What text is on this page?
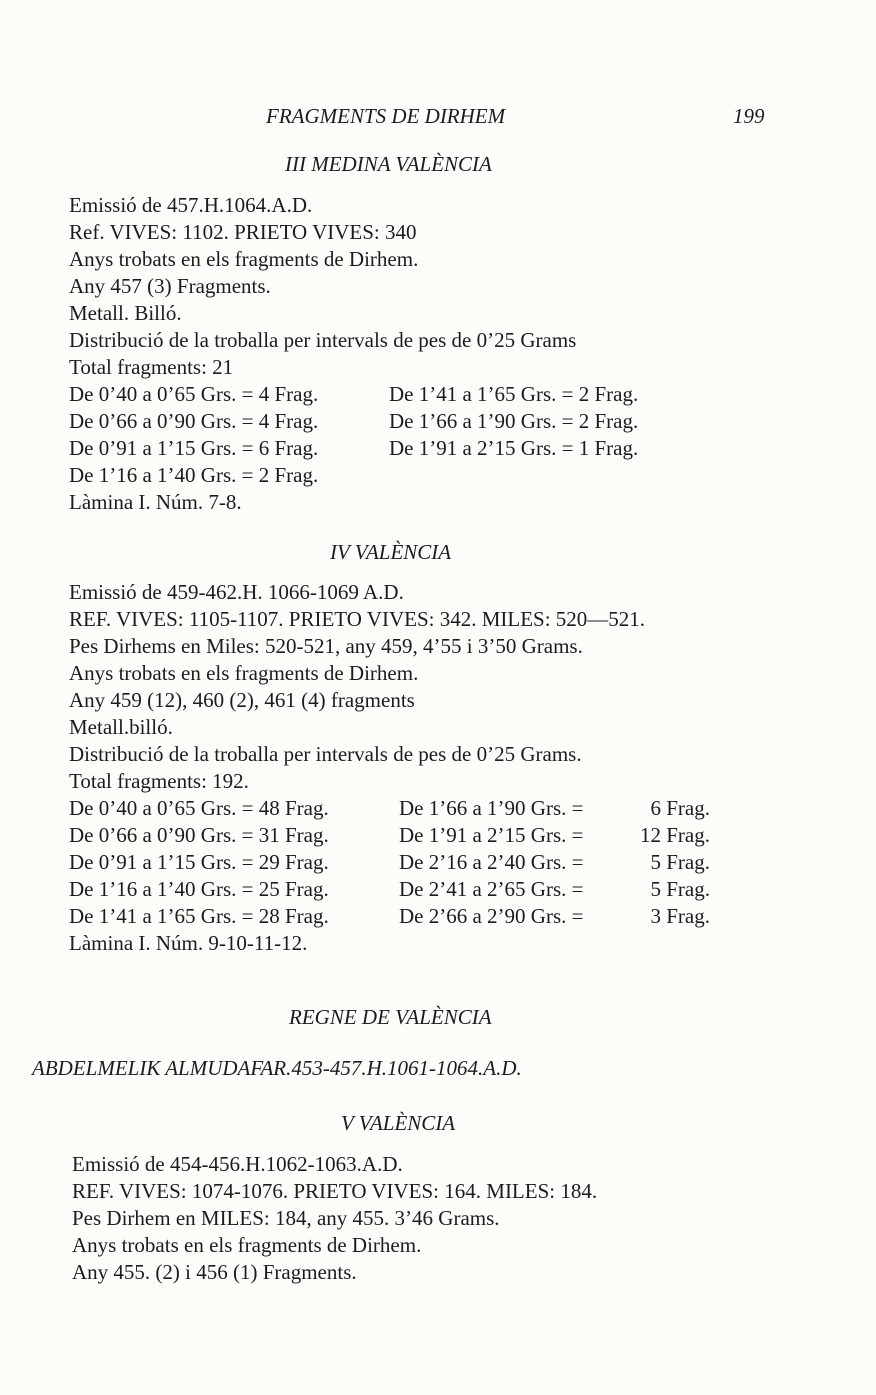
FRAGMENTS DE DIRHEM	199
III MEDINA VALÈNCIA
Emissió de 457.H.1064.A.D.
Ref. VIVES: 1102. PRIETO VIVES: 340
Anys trobats en els fragments de Dirhem.
Any 457 (3) Fragments.
Metall. Billó.
Distribució de la troballa per intervals de pes de 0’25 Grams
Total fragments: 21
De 0’40 a 0’65 Grs. = 4 Frag.	De 1’41 a 1’65 Grs. = 2 Frag.
De 0’66 a 0’90 Grs. = 4 Frag.	De 1’66 a 1’90 Grs. = 2 Frag.
De 0’91 a 1’15 Grs. = 6 Frag.	De 1’91 a 2’15 Grs. = 1 Frag.
De 1’16 a 1’40 Grs. = 2 Frag.
Làmina I. Núm. 7-8.
IV VALÈNCIA
Emissió de 459-462.H. 1066-1069 A.D.
REF. VIVES: 1105-1107. PRIETO VIVES: 342. MILES: 520—521.
Pes Dirhems en Miles: 520-521, any 459, 4’55 i 3’50 Grams.
Anys trobats en els fragments de Dirhem.
Any 459 (12), 460 (2), 461 (4) fragments
Metall.billó.
Distribució de la troballa per intervals de pes de 0’25 Grams.
Total fragments: 192.
De 0’40 a 0’65 Grs. = 48 Frag.	De 1’66 a 1’90 Grs. =	6 Frag.
De 0’66 a 0’90 Grs. = 31 Frag.	De 1’91 a 2’15 Grs. =	12 Frag.
De 0’91 a 1’15 Grs. = 29 Frag.	De 2’16 a 2’40 Grs. =	5 Frag.
De 1’16 a 1’40 Grs. = 25 Frag.	De 2’41 a 2’65 Grs. =	5 Frag.
De 1’41 a 1’65 Grs. = 28 Frag.	De 2’66 a 2’90 Grs. =	3 Frag.
Làmina I. Núm. 9-10-11-12.
REGNE DE VALÈNCIA
ABDELMELIK ALMUDAFAR.453-457.H.1061-1064.A.D.
V VALÈNCIA
Emissió de 454-456.H.1062-1063.A.D.
REF. VIVES: 1074-1076. PRIETO VIVES: 164. MILES: 184.
Pes Dirhem en MILES: 184, any 455. 3’46 Grams.
Anys trobats en els fragments de Dirhem.
Any 455. (2) i 456 (1) Fragments.
